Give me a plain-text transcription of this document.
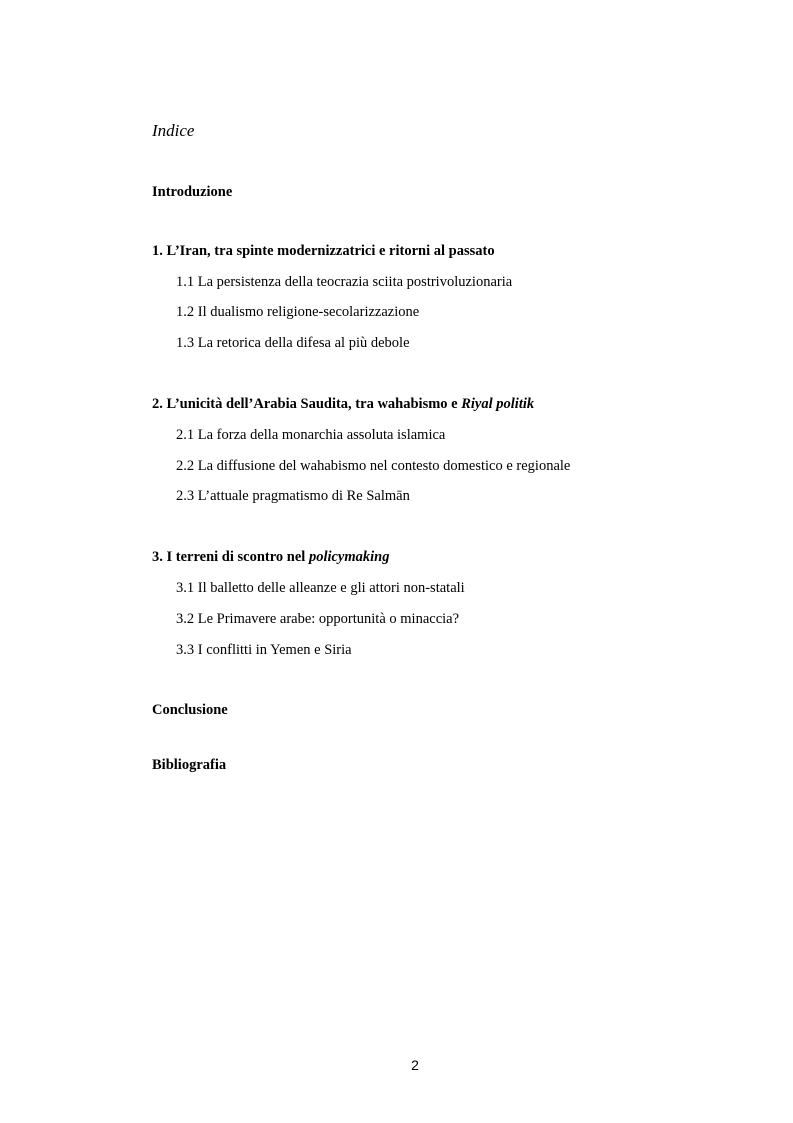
Indice
Introduzione
1. L’Iran, tra spinte modernizzatrici e ritorni al passato
1.1 La persistenza della teocrazia sciita postrivoluzionaria
1.2 Il dualismo religione-secolarizzazione
1.3 La retorica della difesa al più debole
2. L’unicità dell’Arabia Saudita, tra wahabismo e Riyal politik
2.1 La forza della monarchia assoluta islamica
2.2 La diffusione del wahabismo nel contesto domestico e regionale
2.3 L’attuale pragmatismo di Re Salmān
3. I terreni di scontro nel policymaking
3.1 Il balletto delle alleanze e gli attori non-statali
3.2 Le Primavere arabe: opportunità o minaccia?
3.3 I conflitti in Yemen e Siria
Conclusione
Bibliografia
2
